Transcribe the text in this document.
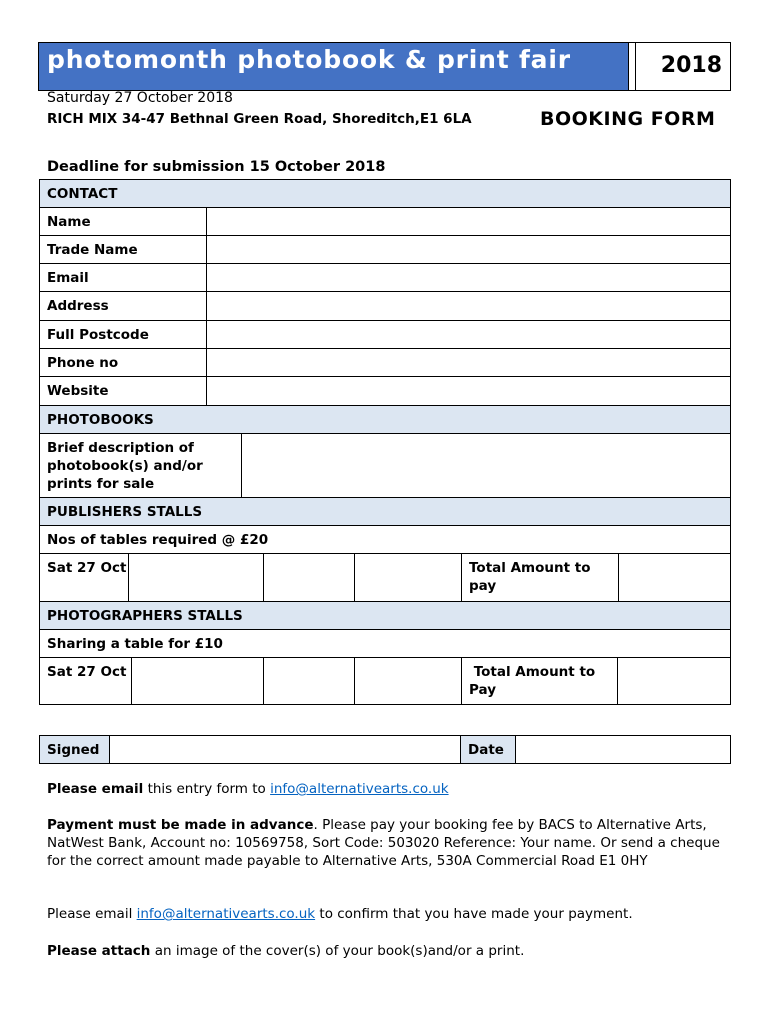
photomonth photobook & print fair	2018
Saturday 27 October 2018
RICH MIX 34-47 Bethnal Green Road, Shoreditch,E1 6LA	BOOKING FORM
Deadline for submission 15 October 2018
CONTACT
Name
Trade Name
Email
Address
Full Postcode
Phone no
Website
PHOTOBOOKS
Brief description of photobook(s) and/or prints for sale
PUBLISHERS STALLS
Nos of tables required @ £20
Sat 27 Oct	Total Amount to pay
PHOTOGRAPHERS STALLS
Sharing a table for £10
Sat 27 Oct	Total Amount to Pay
Signed	Date
Please email this entry form to info@alternativearts.co.uk
Payment must be made in advance. Please pay your booking fee by BACS to Alternative Arts, NatWest Bank, Account no: 10569758, Sort Code: 503020 Reference: Your name. Or send a cheque for the correct amount made payable to Alternative Arts, 530A Commercial Road E1 0HY
Please email info@alternativearts.co.uk to confirm that you have made your payment.
Please attach an image of the cover(s) of your book(s)and/or a print.
